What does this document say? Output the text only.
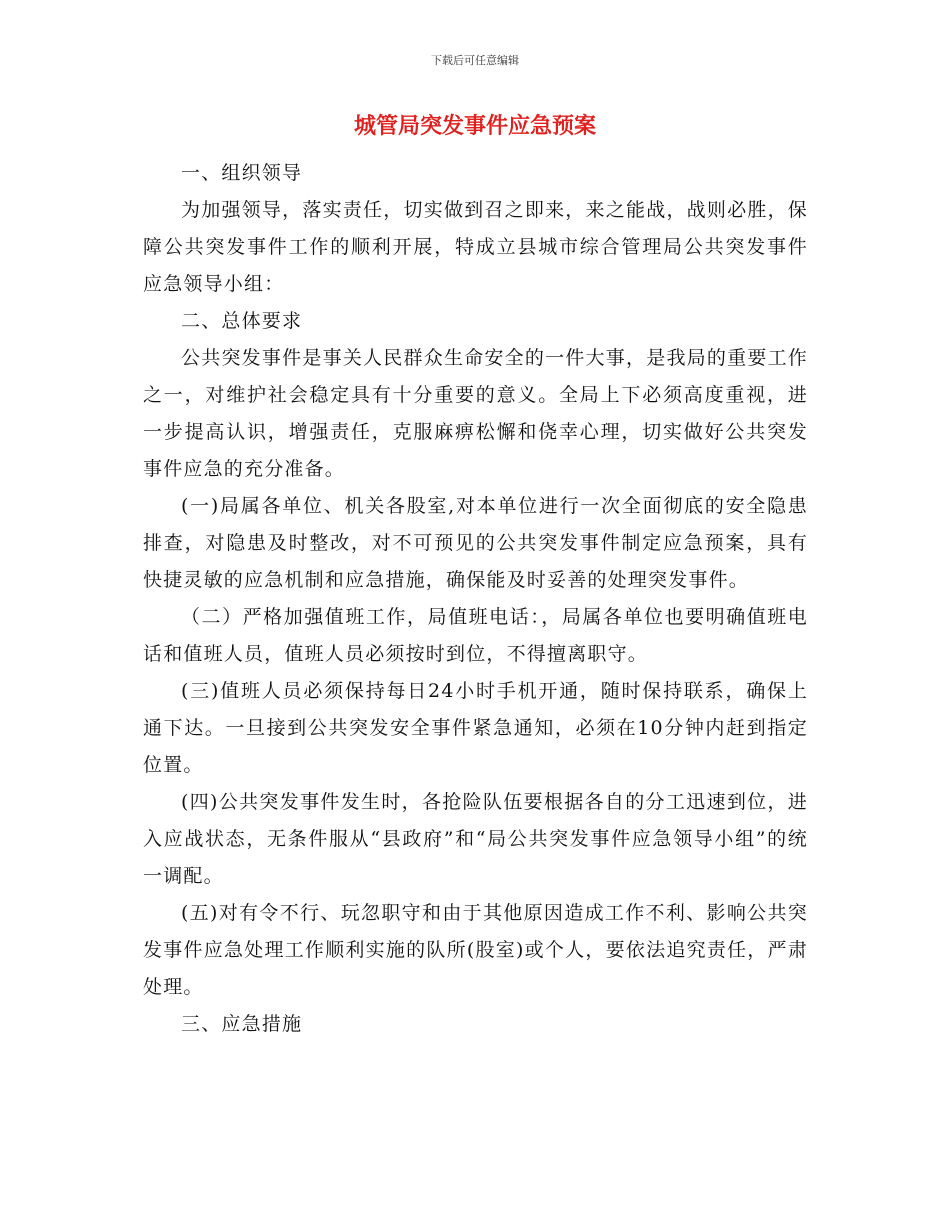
下载后可任意编辑
城管局突发事件应急预案

一、组织领导

为加强领导，落实责任，切实做到召之即来，来之能战，战则必胜，保障公共突发事件工作的顺利开展，特成立县城市综合管理局公共突发事件应急领导小组：

二、总体要求

公共突发事件是事关人民群众生命安全的一件大事，是我局的重要工作之一，对维护社会稳定具有十分重要的意义。全局上下必须高度重视，进一步提高认识，增强责任，克服麻痹松懈和侥幸心理，切实做好公共突发事件应急的充分准备。

(一)局属各单位、机关各股室,对本单位进行一次全面彻底的安全隐患排查，对隐患及时整改，对不可预见的公共突发事件制定应急预案，具有快捷灵敏的应急机制和应急措施，确保能及时妥善的处理突发事件。

（二）严格加强值班工作，局值班电话：，局属各单位也要明确值班电话和值班人员，值班人员必须按时到位，不得擅离职守。

(三)值班人员必须保持每日24小时手机开通，随时保持联系，确保上通下达。一旦接到公共突发安全事件紧急通知，必须在10分钟内赶到指定位置。

(四)公共突发事件发生时，各抢险队伍要根据各自的分工迅速到位，进入应战状态，无条件服从“县政府”和“局公共突发事件应急领导小组”的统一调配。

(五)对有令不行、玩忽职守和由于其他原因造成工作不利、影响公共突发事件应急处理工作顺利实施的队所(股室)或个人，要依法追究责任，严肃处理。

三、应急措施
